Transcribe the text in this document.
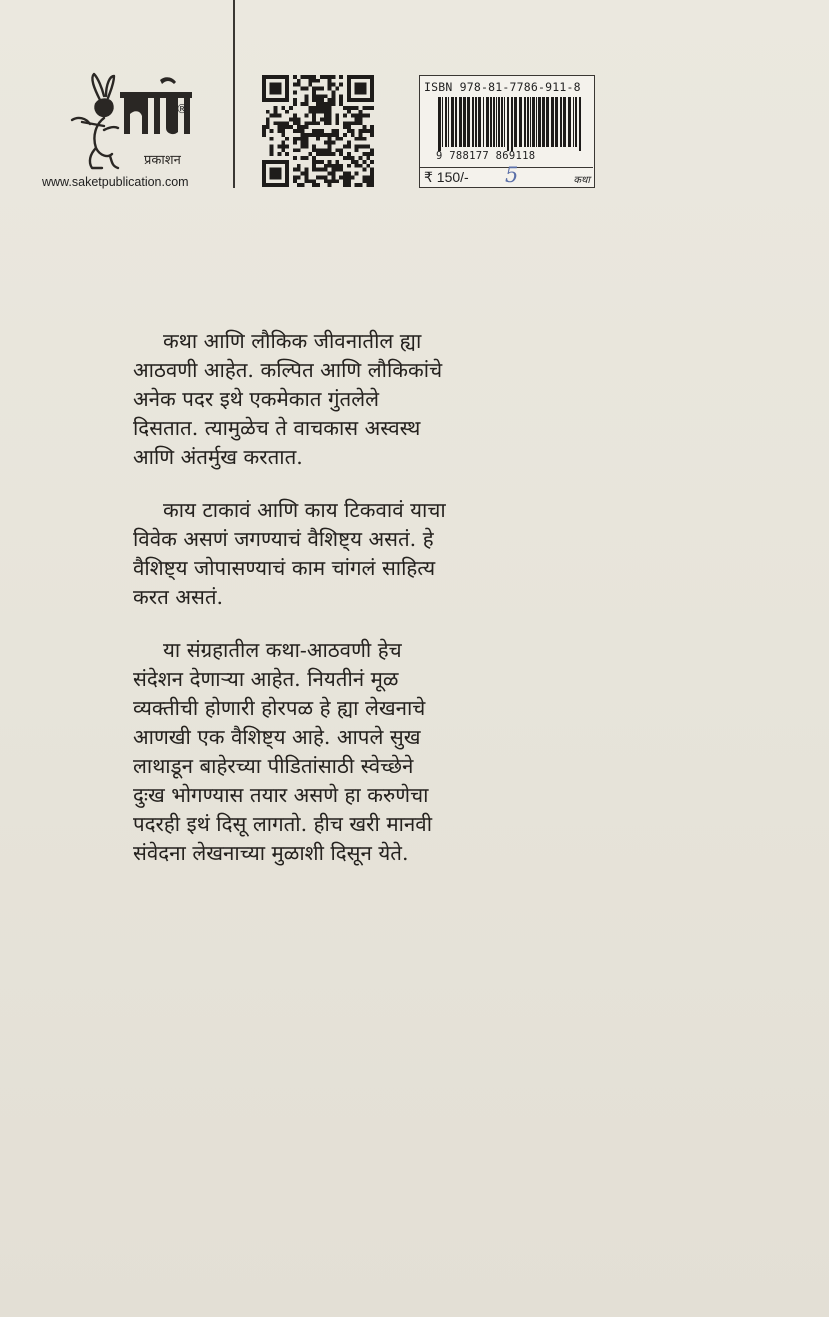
प्रकाशन
®
www.saketpublication.com
ISBN 978-81-7786-911-8
9 788177 869118
₹ 150/- 5	कथा

कथा आणि लौकिक जीवनातील ह्या
आठवणी आहेत. कल्पित आणि लौकिकांचे
अनेक पदर इथे एकमेकात गुंतलेले
दिसतात. त्यामुळेच ते वाचकास अस्वस्थ
आणि अंतर्मुख करतात.

काय टाकावं आणि काय टिकवावं याचा
विवेक असणं जगण्याचं वैशिष्ट्य असतं. हे
वैशिष्ट्य जोपासण्याचं काम चांगलं साहित्य
करत असतं.

या संग्रहातील कथा-आठवणी हेच
संदेशन देणाऱ्या आहेत. नियतीनं मूळ
व्यक्तीची होणारी होरपळ हे ह्या लेखनाचे
आणखी एक वैशिष्ट्य आहे. आपले सुख
लाथाडून बाहेरच्या पीडितांसाठी स्वेच्छेने
दुःख भोगण्यास तयार असणे हा करुणेचा
पदरही इथं दिसू लागतो. हीच खरी मानवी
संवेदना लेखनाच्या मुळाशी दिसून येते.
